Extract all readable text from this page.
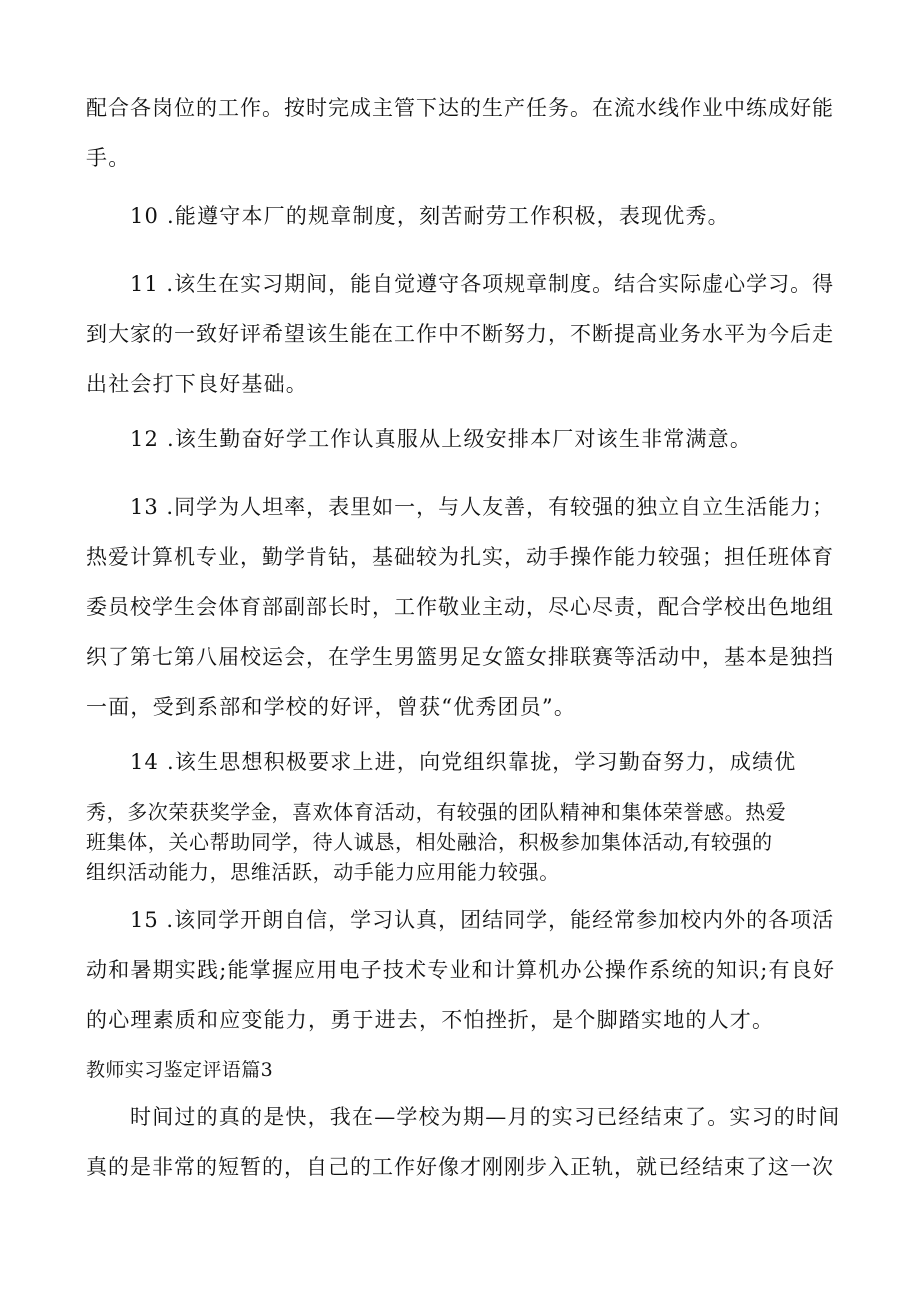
配合各岗位的工作。按时完成主管下达的生产任务。在流水线作业中练成好能
手。
10 .能遵守本厂的规章制度，刻苦耐劳工作积极，表现优秀。
11 .该生在实习期间，能自觉遵守各项规章制度。结合实际虚心学习。得
到大家的一致好评希望该生能在工作中不断努力，不断提高业务水平为今后走
出社会打下良好基础。
12 .该生勤奋好学工作认真服从上级安排本厂对该生非常满意。
13 .同学为人坦率，表里如一，与人友善，有较强的独立自立生活能力；
热爱计算机专业，勤学肯钻，基础较为扎实，动手操作能力较强；担任班体育
委员校学生会体育部副部长时，工作敬业主动，尽心尽责，配合学校出色地组
织了第七第八届校运会，在学生男篮男足女篮女排联赛等活动中，基本是独挡
一面，受到系部和学校的好评，曾获“优秀团员”。
14 .该生思想积极要求上进，向党组织靠拢，学习勤奋努力，成绩优
秀，多次荣获奖学金，喜欢体育活动，有较强的团队精神和集体荣誉感。热爱
班集体，关心帮助同学，待人诚恳，相处融洽，积极参加集体活动,有较强的
组织活动能力，思维活跃，动手能力应用能力较强。
15 .该同学开朗自信，学习认真，团结同学，能经常参加校内外的各项活
动和暑期实践;能掌握应用电子技术专业和计算机办公操作系统的知识;有良好
的心理素质和应变能力，勇于进去，不怕挫折，是个脚踏实地的人才。
教师实习鉴定评语篇3
时间过的真的是快，我在—学校为期—月的实习已经结束了。实习的时间
真的是非常的短暂的，自己的工作好像才刚刚步入正轨，就已经结束了这一次
